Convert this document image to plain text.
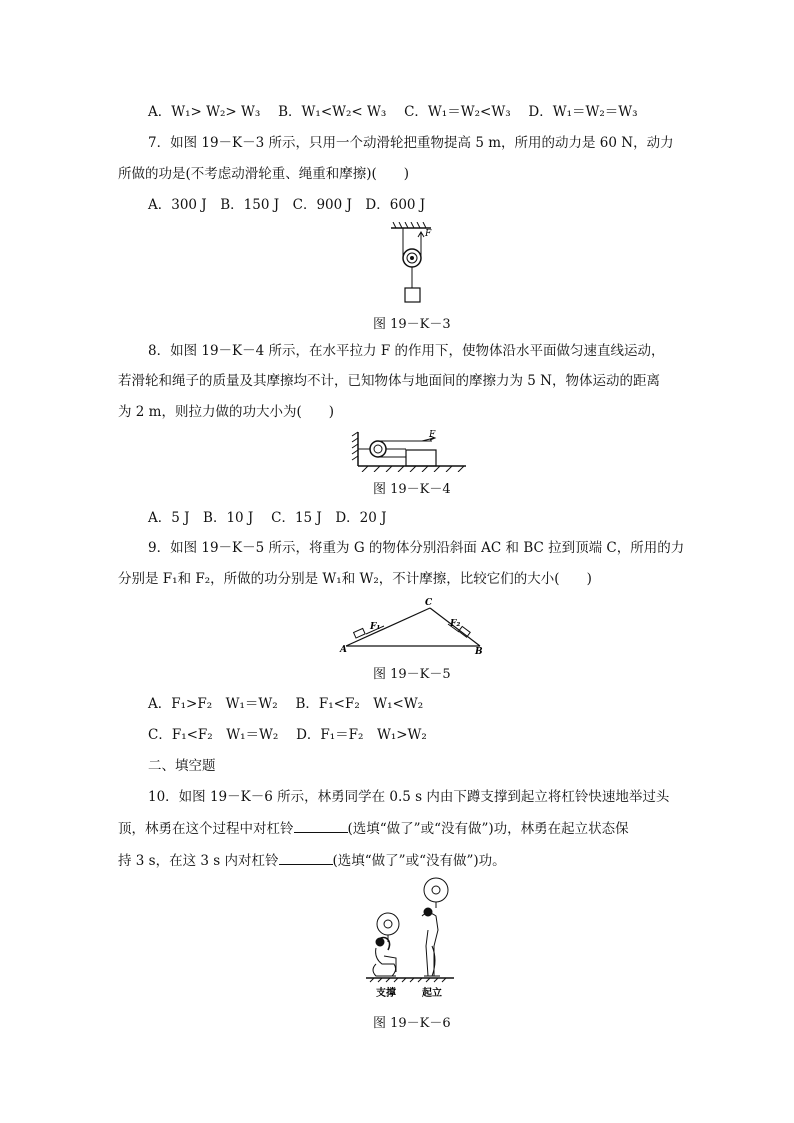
A．W₁> W₂> W₃　 B．W₁<W₂< W₃　 C．W₁＝W₂<W₃　 D．W₁＝W₂＝W₃
7．如图 19－K－3 所示，只用一个动滑轮把重物提高 5 m，所用的动力是 60 N，动力
所做的功是(不考虑动滑轮重、绳重和摩擦)(　　)
A．300 J　B．150 J　C．900 J　D．600 J
F
图 19－K－3
8．如图 19－K－4 所示，在水平拉力 F 的作用下，使物体沿水平面做匀速直线运动，
若滑轮和绳子的质量及其摩擦均不计，已知物体与地面间的摩擦力为 5 N，物体运动的距离
为 2 m，则拉力做的功大小为(　　)
F
图 19－K－4
A．5 J　B．10 J　 C．15 J　D．20 J
9．如图 19－K－5 所示，将重为 G 的物体分别沿斜面 AC 和 BC 拉到顶端 C，所用的力
分别是 F₁和 F₂，所做的功分别是 W₁和 W₂，不计摩擦，比较它们的大小(　　)
A	B
C
F₁	F₂
图 19－K－5
A．F₁>F₂　W₁＝W₂　 B．F₁<F₂　W₁<W₂
C．F₁<F₂　W₁＝W₂　 D．F₁＝F₂　W₁>W₂
二、填空题
10．如图 19－K－6 所示，林勇同学在 0.5 s 内由下蹲支撑到起立将杠铃快速地举过头
顶，林勇在这个过程中对杠铃	(选填“做了”或“没有做”)功，林勇在起立状态保
持 3 s，在这 3 s 内对杠铃	(选填“做了”或“没有做”)功。
支撑	起立
图 19－K－6
